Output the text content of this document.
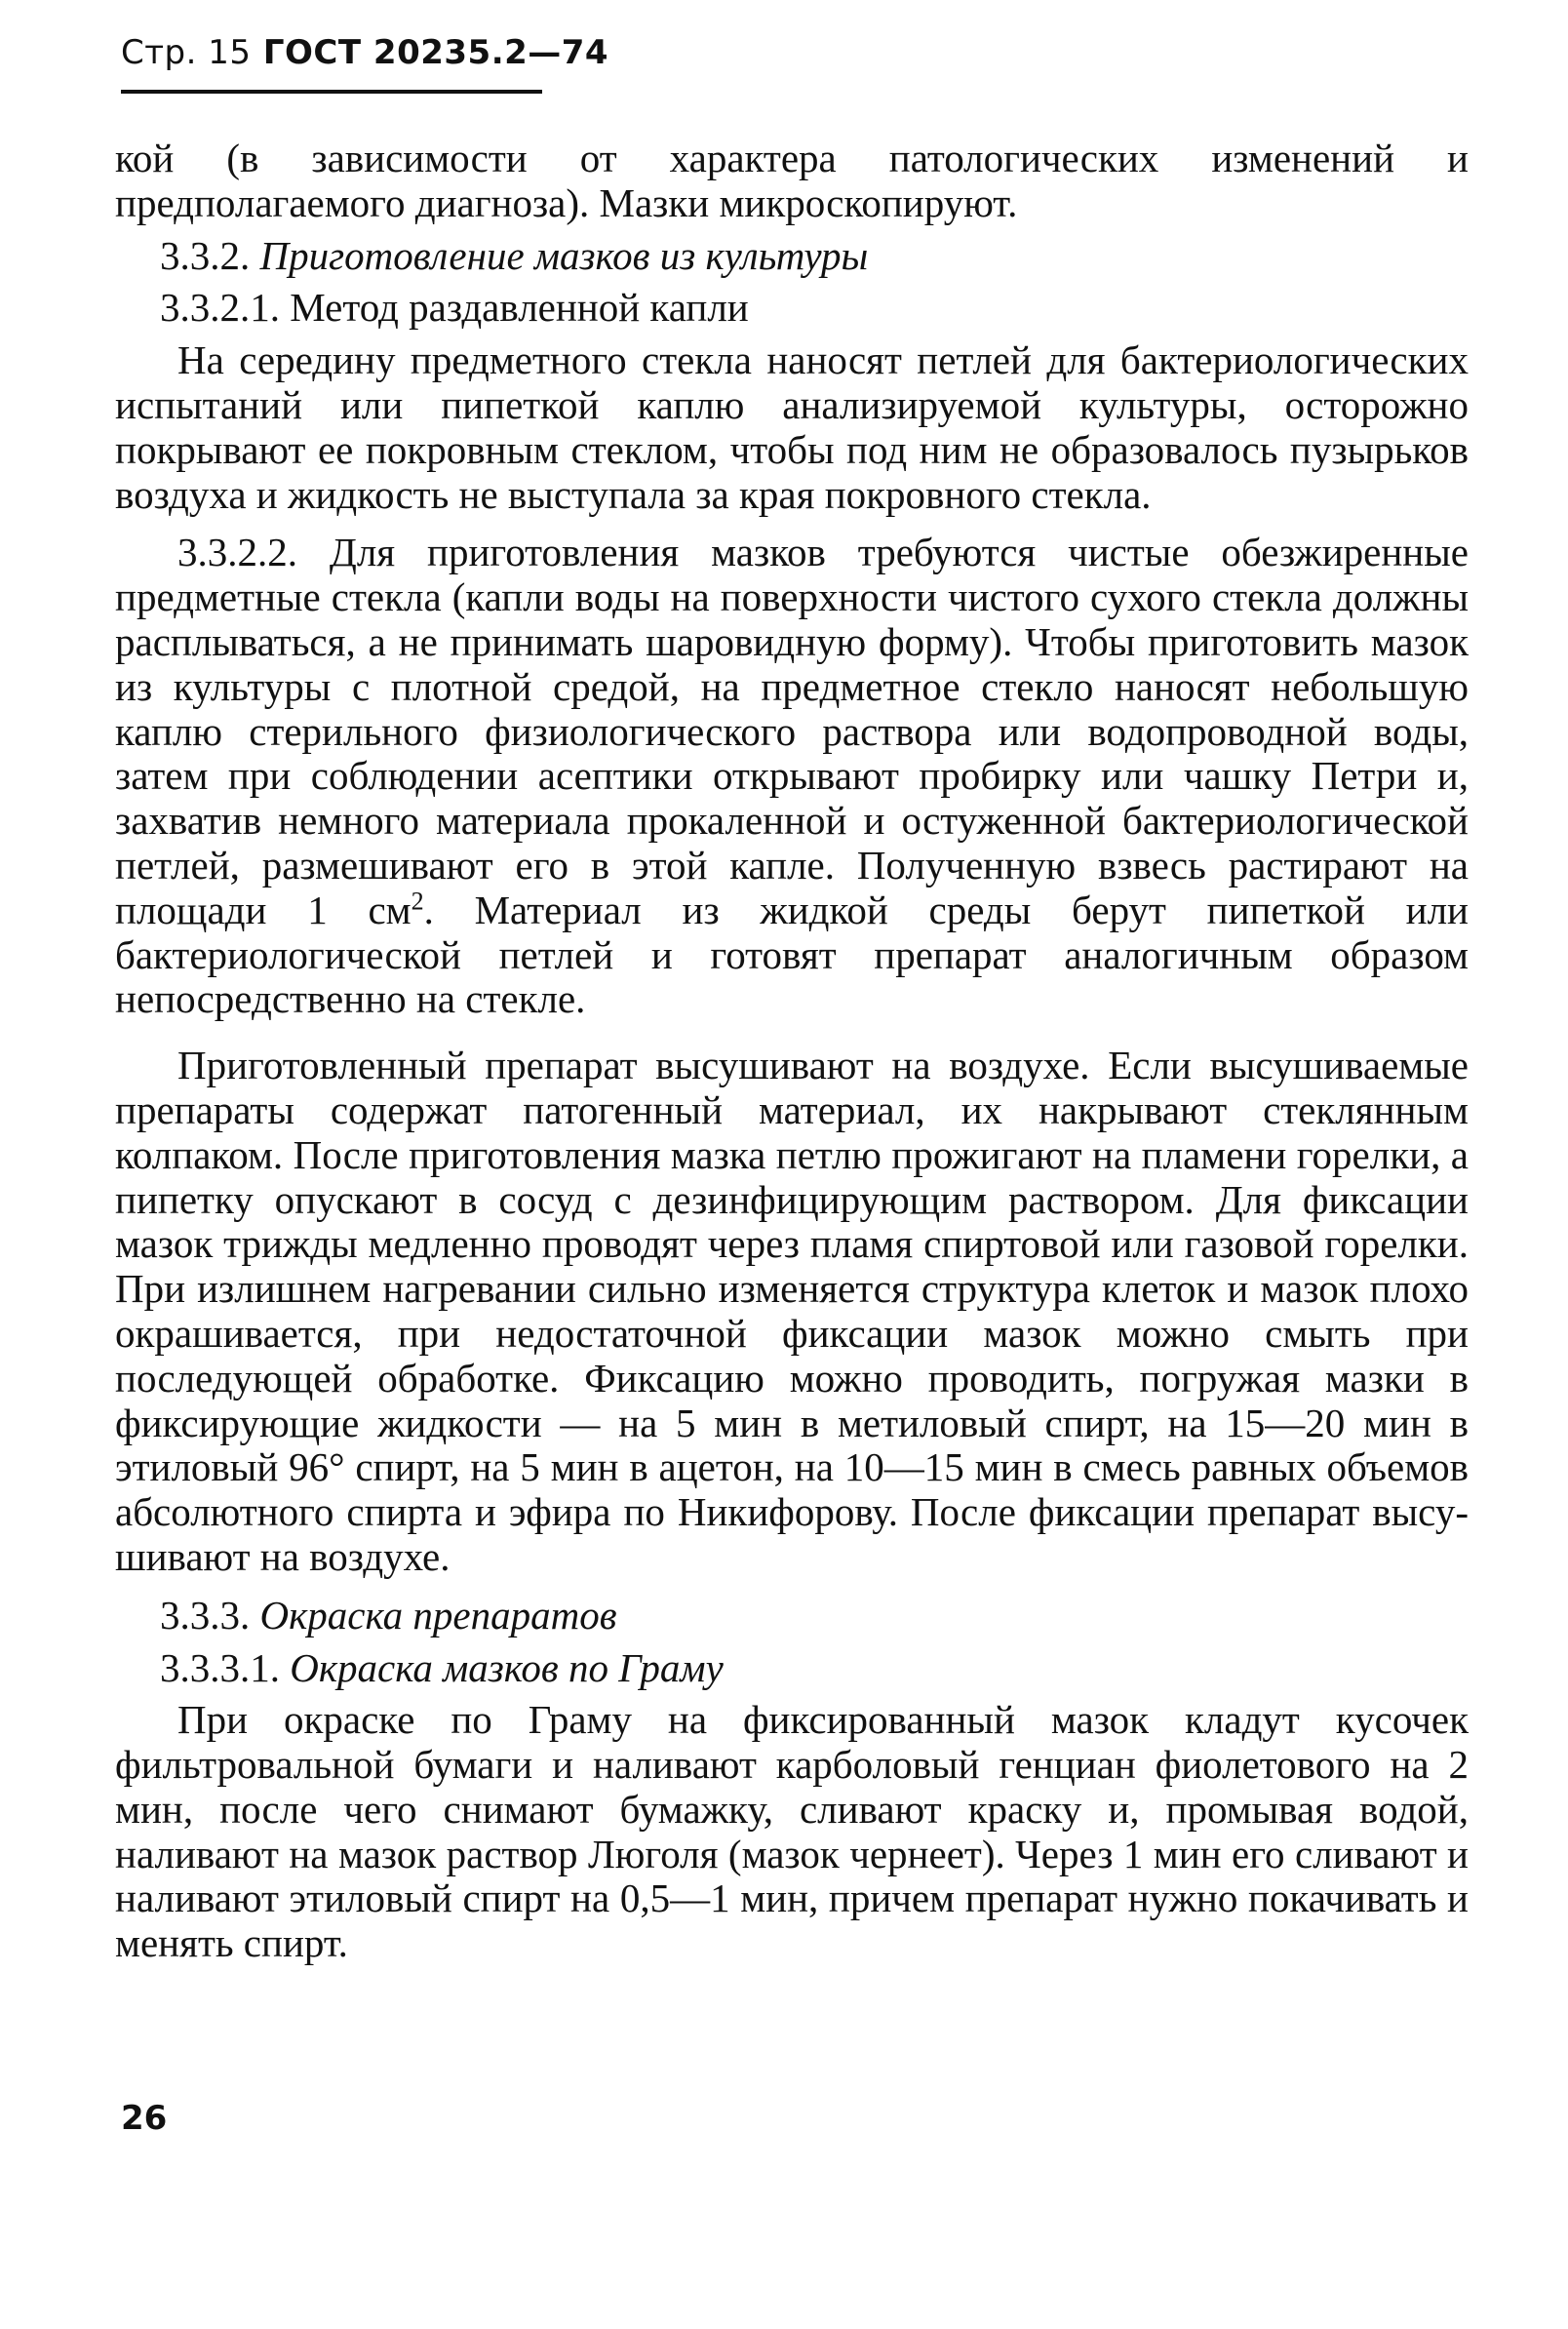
Стр. 15 ГОСТ 20235.2—74

кой (в зависимости от характера патологических изменений и предполагаемого диагноза). Мазки микроскопируют.

3.3.2. Приготовление мазков из культуры

3.3.2.1. Метод раздавленной капли

На середину предметного стекла наносят петлей для бактериологических испытаний или пипеткой каплю анализируемой культуры, осторожно покрывают ее покровным стеклом, чтобы под ним не образовалось пузырьков воздуха и жидкость не выступала за края покровного стекла.

3.3.2.2. Для приготовления мазков требуются чистые обезжиренные предметные стекла (капли воды на поверхности чистого сухого стекла должны расплываться, а не принимать шаровидную форму). Чтобы приготовить мазок из культуры с плотной средой, на предметное стекло наносят небольшую каплю стерильного физиологического раствора или водопроводной воды, затем при соблюдении асептики открывают пробирку или чашку Петри и, захватив немного материала прокаленной и остуженной бактериологической петлей, размешивают его в этой капле. Полученную взвесь растирают на площади 1 $см^2$. Материал из жидкой среды берут пипеткой или бактериологической петлей и готовят препарат аналогичным образом непосредственно на стекле.

Приготовленный препарат высушивают на воздухе. Если высушиваемые препараты содержат патогенный материал, их накрывают стеклянным колпаком. После приготовления мазка петлю прожигают на пламени горелки, а пипетку опускают в сосуд с дезинфицирующим раствором. Для фиксации мазок трижды медленно проводят через пламя спиртовой или газовой горелки. При излишнем нагревании сильно изменяется структура клеток и мазок плохо окрашивается, при недостаточной фиксации мазок можно смыть при последующей обработке. Фиксацию можно проводить, погружая мазки в фиксирующие жидкости — на 5 мин в метиловый спирт, на 15—20 мин в этиловый 96° спирт, на 5 мин в ацетон, на 10—15 мин в смесь равных объемов абсолютного спирта и эфира по Никифорову. После фиксации препарат высушивают на воздухе.

3.3.3. Окраска препаратов

3.3.3.1. Окраска мазков по Граму

При окраске по Граму на фиксированный мазок кладут кусочек фильтровальной бумаги и наливают карболовый генциан фиолетового на 2 мин, после чего снимают бумажку, сливают краску и, промывая водой, наливают на мазок раствор Люголя (мазок чернеет). Через 1 мин его сливают и наливают этиловый спирт на 0,5—1 мин, причем препарат нужно покачивать и менять спирт.

26
